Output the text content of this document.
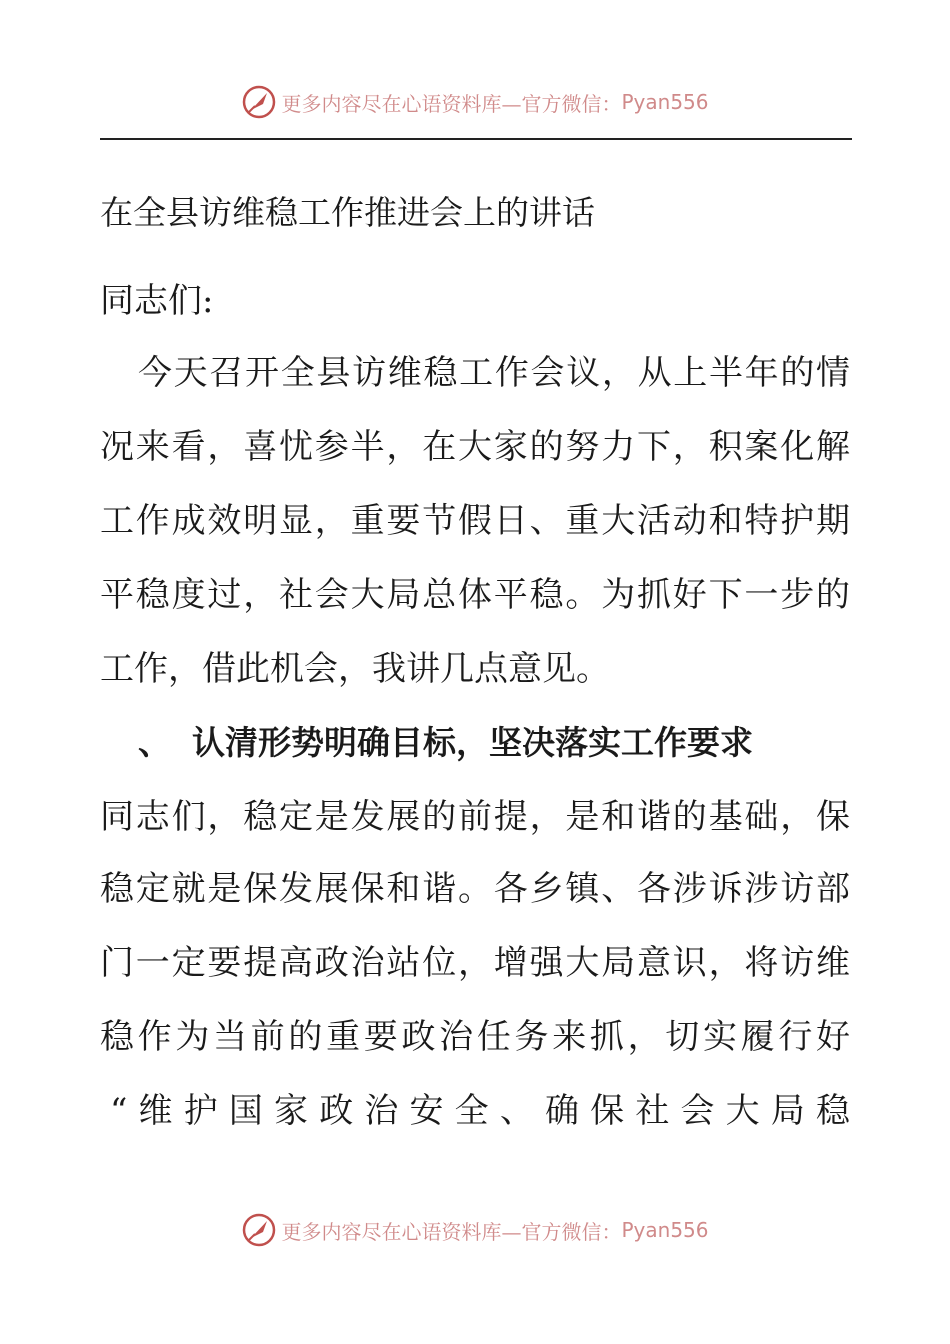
更多内容尽在心语资料库—官方微信： Pyan556
在全县访维稳工作推进会上的讲话
同志们:
今天召开全县访维稳工作会议，从上半年的情
况来看，喜忧参半，在大家的努力下，积案化解
工作成效明显，重要节假日、重大活动和特护期
平稳度过，社会大局总体平稳。为抓好下一步的
工作，借此机会，我讲几点意见。
、 认清形势明确目标，坚决落实工作要求
同志们，稳定是发展的前提，是和谐的基础，保
稳定就是保发展保和谐。各乡镇、各涉诉涉访部
门一定要提高政治站位，增强大局意识，将访维
稳作为当前的重要政治任务来抓，切实履行好
“维护国家政治安全、确保社会大局稳
更多内容尽在心语资料库—官方微信： Pyan556
